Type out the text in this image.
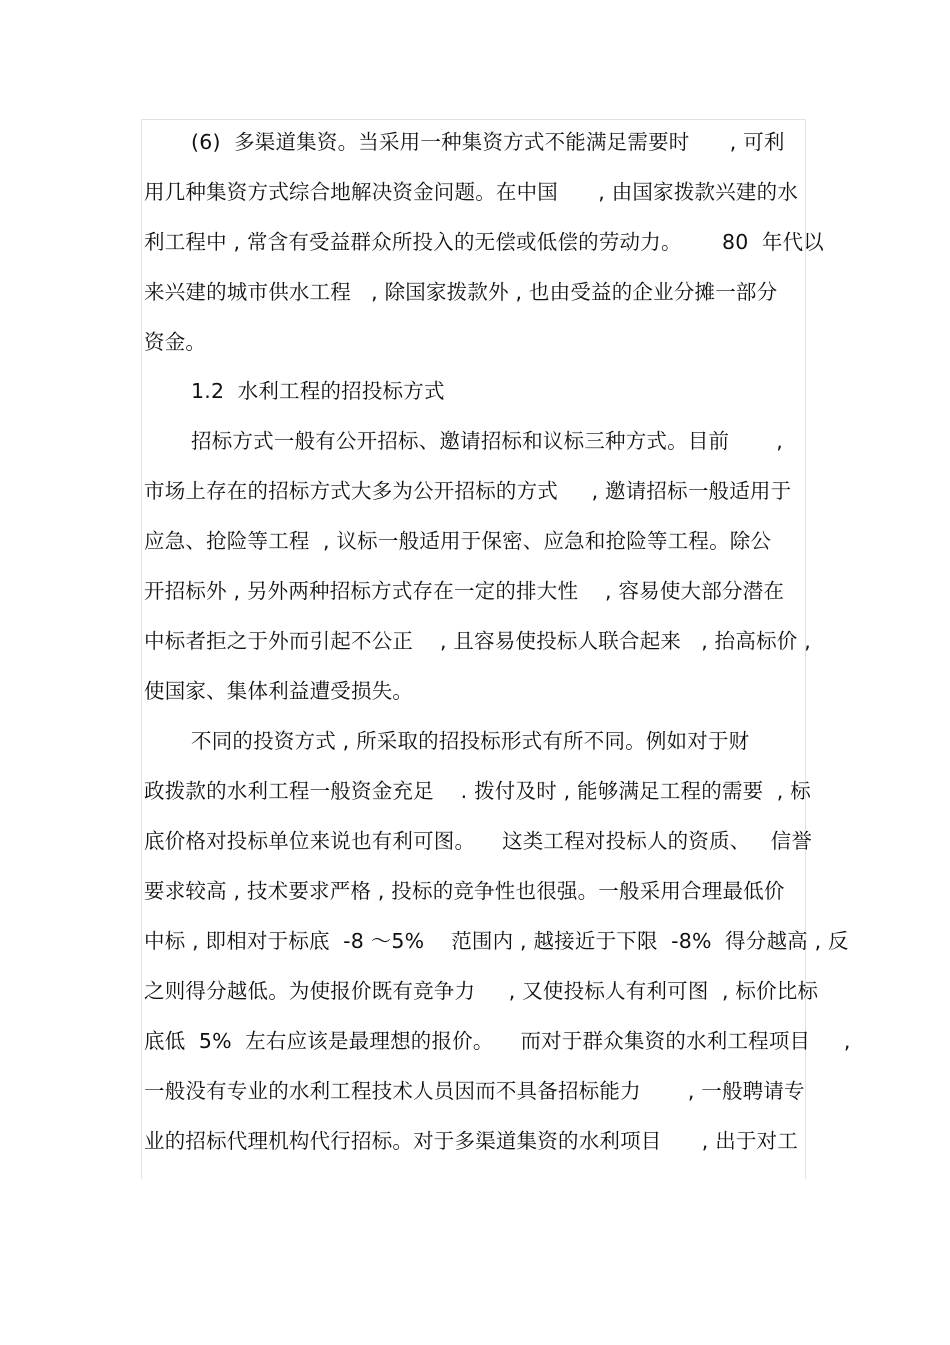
(6)  多渠道集资。当采用一种集资方式不能满足需要时      , 可利
用几种集资方式综合地解决资金问题。在中国      , 由国家拨款兴建的水
利工程中 , 常含有受益群众所投入的无偿或低偿的劳动力。      80  年代以
来兴建的城市供水工程   , 除国家拨款外 , 也由受益的企业分摊一部分
资金。
1.2  水利工程的招投标方式
招标方式一般有公开招标、邀请招标和议标三种方式。目前       ,
市场上存在的招标方式大多为公开招标的方式     , 邀请招标一般适用于
应急、抢险等工程  , 议标一般适用于保密、应急和抢险等工程。除公
开招标外 , 另外两种招标方式存在一定的排大性    , 容易使大部分潜在
中标者拒之于外而引起不公正    , 且容易使投标人联合起来   , 抬高标价 ,
使国家、集体利益遭受损失。
不同的投资方式 , 所采取的招投标形式有所不同。例如对于财
政拨款的水利工程一般资金充足    . 拨付及时 , 能够满足工程的需要  , 标
底价格对投标单位来说也有利可图。    这类工程对投标人的资质、   信誉
要求较高 , 技术要求严格 , 投标的竞争性也很强。一般采用合理最低价
中标 , 即相对于标底  -8 ～5%    范围内 , 越接近于下限  -8%  得分越高 , 反
之则得分越低。为使报价既有竞争力     , 又使投标人有利可图  , 标价比标
底低  5%  左右应该是最理想的报价。    而对于群众集资的水利工程项目     ,
一般没有专业的水利工程技术人员因而不具备招标能力       , 一般聘请专
业的招标代理机构代行招标。对于多渠道集资的水利项目      , 出于对工
